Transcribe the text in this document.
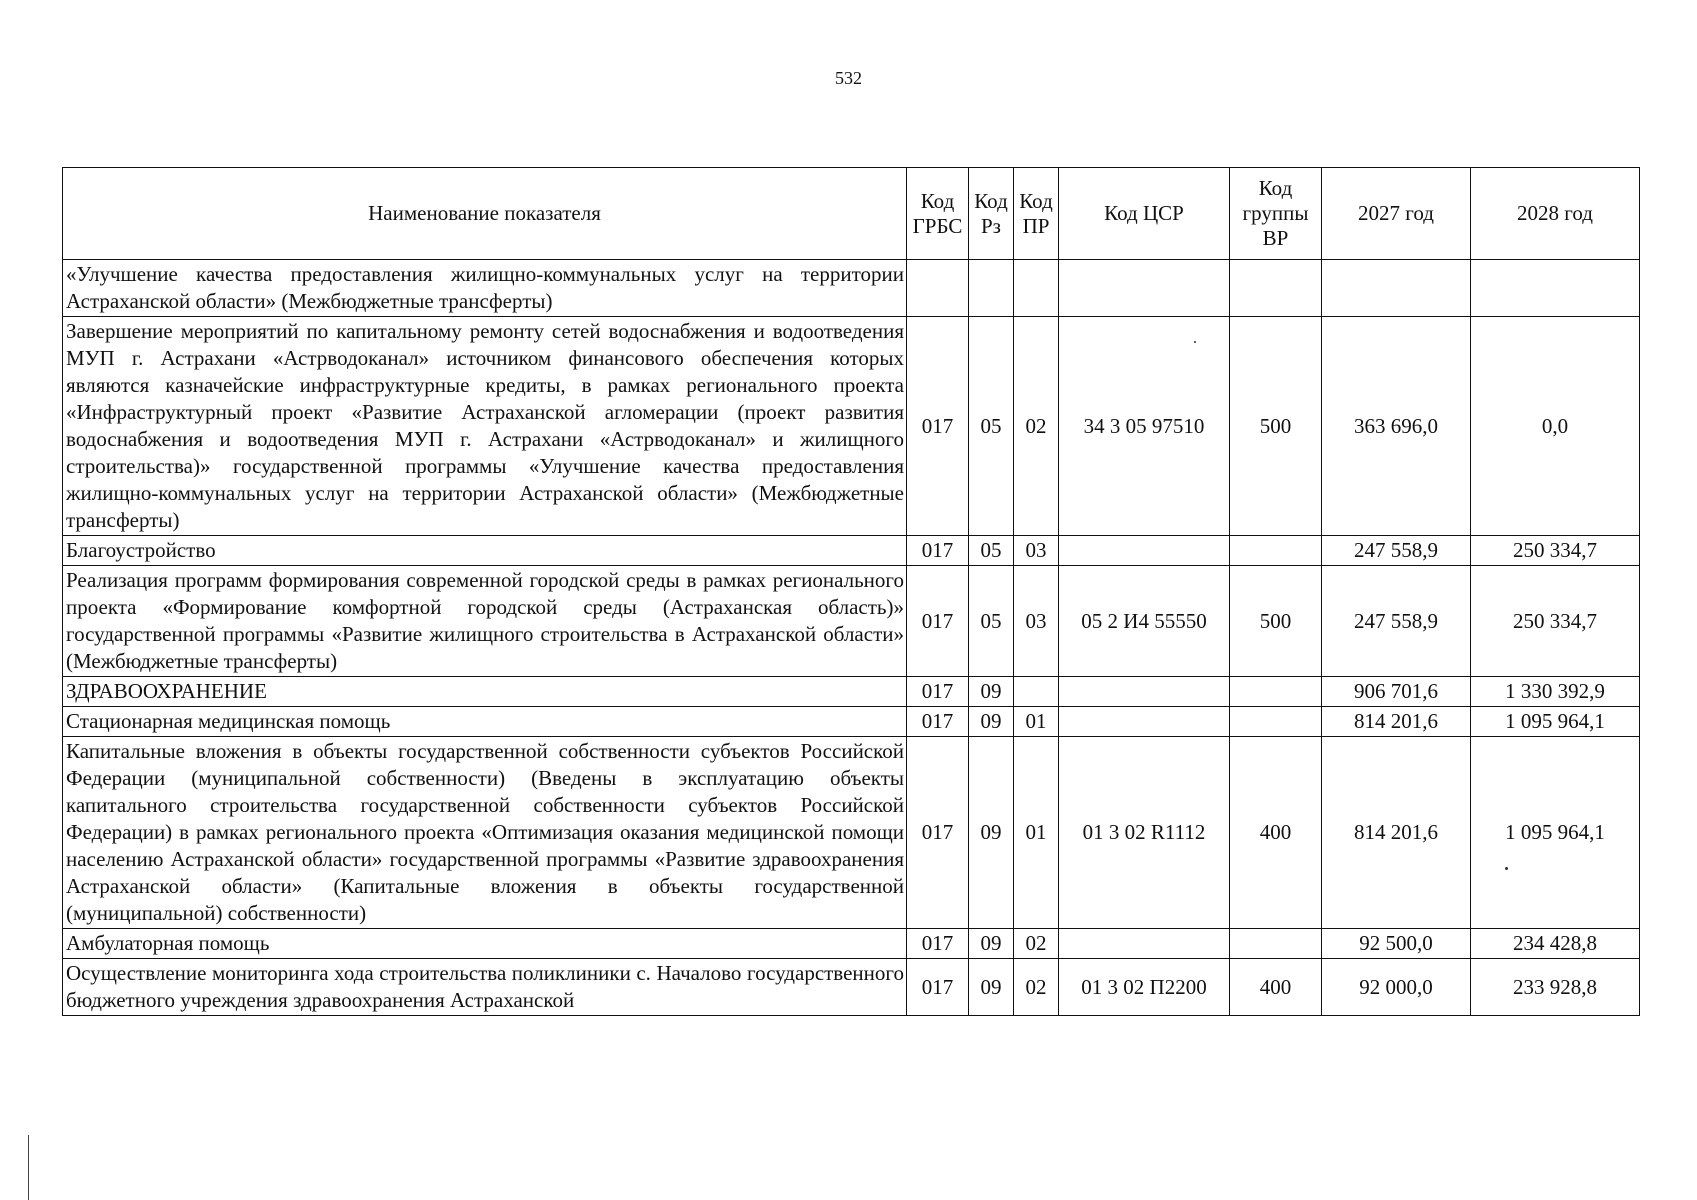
532
Наименование показателя	Код ГРБС	Код Рз	Код ПР	Код ЦСР	Код группы ВР	2027 год	2028 год
«Улучшение качества предоставления жилищно-коммунальных услуг на территории Астраханской области» (Межбюджетные трансферты)							
Завершение мероприятий по капитальному ремонту сетей водоснабжения и водоотведения МУП г. Астрахани «Астрводоканал» источником финансового обеспечения которых являются казначейские инфраструктурные кредиты, в рамках регионального проекта «Инфраструктурный проект «Развитие Астраханской агломерации (проект развития водоснабжения и водоотведения МУП г. Астрахани «Астрводоканал» и жилищного строительства)» государственной программы «Улучшение качества предоставления жилищно-коммунальных услуг на территории Астраханской области» (Межбюджетные трансферты)	017	05	02	34 3 05 97510	500	363 696,0	0,0
Благоустройство	017	05	03			247 558,9	250 334,7
Реализация программ формирования современной городской среды в рамках регионального проекта «Формирование комфортной городской среды (Астраханская область)» государственной программы «Развитие жилищного строительства в Астраханской области» (Межбюджетные трансферты)	017	05	03	05 2 И4 55550	500	247 558,9	250 334,7
ЗДРАВООХРАНЕНИЕ	017	09				906 701,6	1 330 392,9
Стационарная медицинская помощь	017	09	01			814 201,6	1 095 964,1
Капитальные вложения в объекты государственной собственности субъектов Российской Федерации (муниципальной собственности) (Введены в эксплуатацию объекты капитального строительства государственной собственности субъектов Российской Федерации) в рамках регионального проекта «Оптимизация оказания медицинской помощи населению Астраханской области» государственной программы «Развитие здравоохранения Астраханской области» (Капитальные вложения в объекты государственной (муниципальной) собственности)	017	09	01	01 3 02 R1112	400	814 201,6	1 095 964,1
Амбулаторная помощь	017	09	02			92 500,0	234 428,8
Осуществление мониторинга хода строительства поликлиники с. Началово государственного бюджетного учреждения здравоохранения Астраханской	017	09	02	01 3 02 П2200	400	92 000,0	233 928,8
